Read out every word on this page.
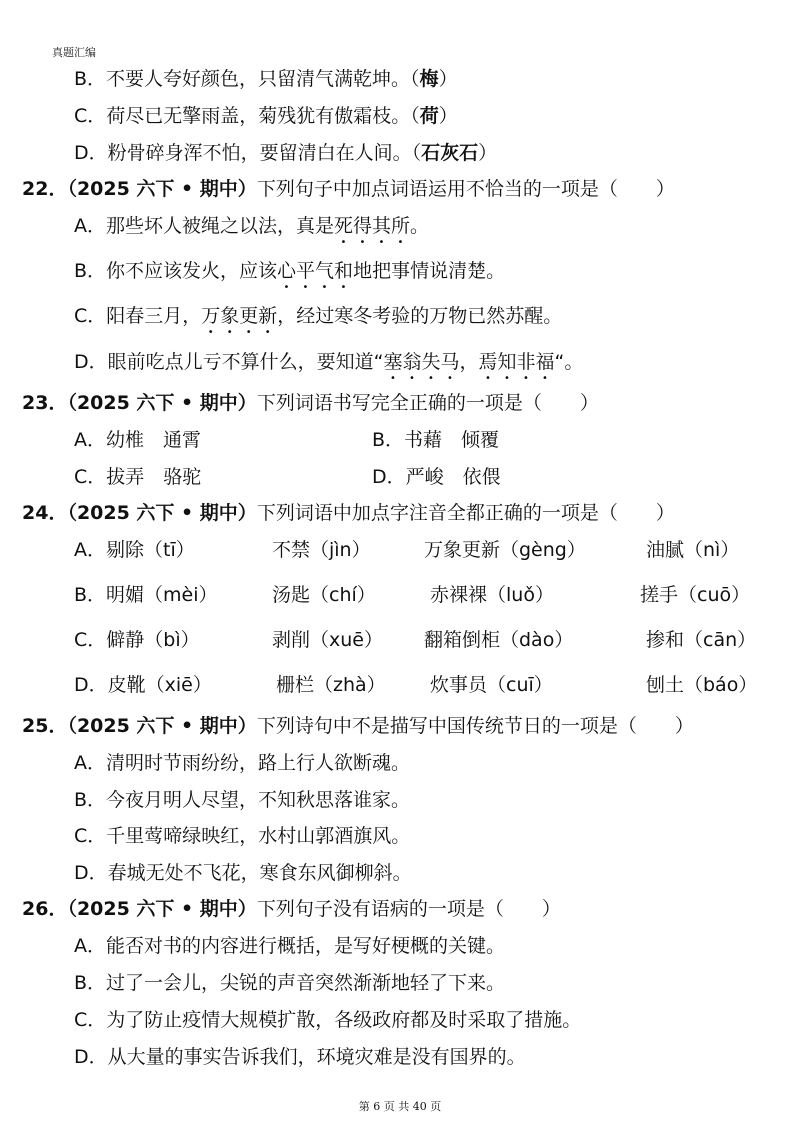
真题汇编
B．不要人夸好颜色，只留清气满乾坤。（梅）
C．荷尽已无擎雨盖，菊残犹有傲霜枝。（荷）
D．粉骨碎身浑不怕，要留清白在人间。（石灰石）
22．（2025 六下 • 期中）下列句子中加点词语运用不恰当的一项是（　　）
A．那些坏人被绳之以法，真是死得其所。
B．你不应该发火，应该心平气和地把事情说清楚。
C．阳春三月，万象更新，经过寒冬考验的万物已然苏醒。
D．眼前吃点儿亏不算什么，要知道“塞翁失马，焉知非福“。
23．（2025 六下 • 期中）下列词语书写完全正确的一项是（　　）
A．幼椎　通霄	B．书藉　倾覆
C．拔弄　骆驼	D．严峻　依偎
24．（2025 六下 • 期中）下列词语中加点字注音全都正确的一项是（　　）
A．剔除（tī）	不禁（jìn）	万象更新（gèng）	油腻（nì）
B．明媚（mèi）	汤匙（chí）	赤裸裸（luǒ）	搓手（cuō）
C．僻静（bì）	剥削（xuē） 翻箱倒柜（dào）	掺和（cān）
D．皮靴（xiē）	栅栏（zhà） 炊事员（cuī）	刨土（báo）
25．（2025 六下 • 期中）下列诗句中不是描写中国传统节日的一项是（　　）
A．清明时节雨纷纷，路上行人欲断魂。
B．今夜月明人尽望，不知秋思落谁家。
C．千里莺啼绿映红，水村山郭酒旗风。
D．春城无处不飞花，寒食东风御柳斜。
26．（2025 六下 • 期中）下列句子没有语病的一项是（　　）
A．能否对书的内容进行概括，是写好梗概的关键。
B．过了一会儿，尖锐的声音突然渐渐地轻了下来。
C．为了防止疫情大规模扩散，各级政府都及时采取了措施。
D．从大量的事实告诉我们，环境灾难是没有国界的。
第 6 页 共 40 页
